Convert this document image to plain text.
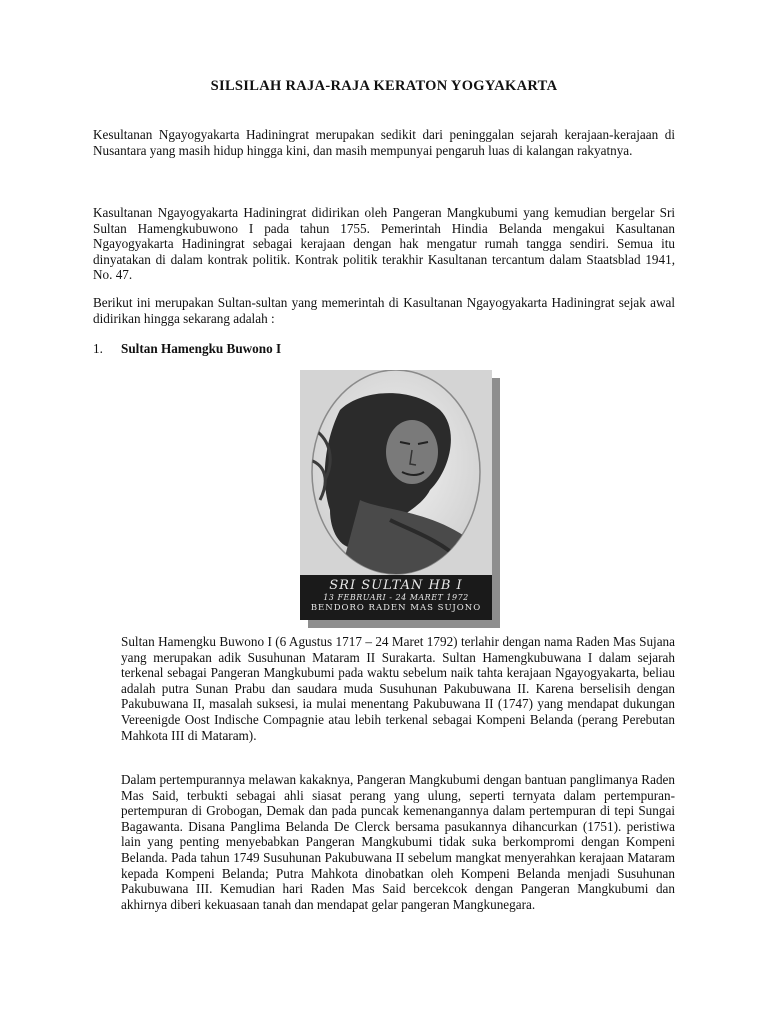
SILSILAH RAJA-RAJA KERATON YOGYAKARTA

Kesultanan Ngayogyakarta Hadiningrat merupakan sedikit dari peninggalan sejarah kerajaan-kerajaan di Nusantara yang masih hidup hingga kini, dan masih mempunyai pengaruh luas di kalangan rakyatnya.

Kasultanan Ngayogyakarta Hadiningrat didirikan oleh Pangeran Mangkubumi yang kemudian bergelar Sri Sultan Hamengkubuwono I pada tahun 1755. Pemerintah Hindia Belanda mengakui Kasultanan Ngayogyakarta Hadiningrat sebagai kerajaan dengan hak mengatur rumah tangga sendiri. Semua itu dinyatakan di dalam kontrak politik. Kontrak politik terakhir Kasultanan tercantum dalam Staatsblad 1941, No. 47.

Berikut ini merupakan Sultan-sultan yang memerintah di Kasultanan Ngayogyakarta Hadiningrat sejak awal didirikan hingga sekarang adalah :

1. Sultan Hamengku Buwono I
SRI SULTAN HB I
13 FEBRUARI - 24 MARET 1972
BENDORO RADEN MAS SUJONO

Sultan Hamengku Buwono I (6 Agustus 1717 – 24 Maret 1792) terlahir dengan nama Raden Mas Sujana yang merupakan adik Susuhunan Mataram II Surakarta. Sultan Hamengkubuwana I dalam sejarah terkenal sebagai Pangeran Mangkubumi pada waktu sebelum naik tahta kerajaan Ngayogyakarta, beliau adalah putra Sunan Prabu dan saudara muda Susuhunan Pakubuwana II. Karena berselisih dengan Pakubuwana II, masalah suksesi, ia mulai menentang Pakubuwana II (1747) yang mendapat dukungan Vereenigde Oost Indische Compagnie atau lebih terkenal sebagai Kompeni Belanda (perang Perebutan Mahkota III di Mataram).

Dalam pertempurannya melawan kakaknya, Pangeran Mangkubumi dengan bantuan panglimanya Raden Mas Said, terbukti sebagai ahli siasat perang yang ulung, seperti ternyata dalam pertempuran-pertempuran di Grobogan, Demak dan pada puncak kemenangannya dalam pertempuran di tepi Sungai Bagawanta. Disana Panglima Belanda De Clerck bersama pasukannya dihancurkan (1751). peristiwa lain yang penting menyebabkan Pangeran Mangkubumi tidak suka berkompromi dengan Kompeni Belanda. Pada tahun 1749 Susuhunan Pakubuwana II sebelum mangkat menyerahkan kerajaan Mataram kepada Kompeni Belanda; Putra Mahkota dinobatkan oleh Kompeni Belanda menjadi Susuhunan Pakubuwana III. Kemudian hari Raden Mas Said bercekcok dengan Pangeran Mangkubumi dan akhirnya diberi kekuasaan tanah dan mendapat gelar pangeran Mangkunegara.
